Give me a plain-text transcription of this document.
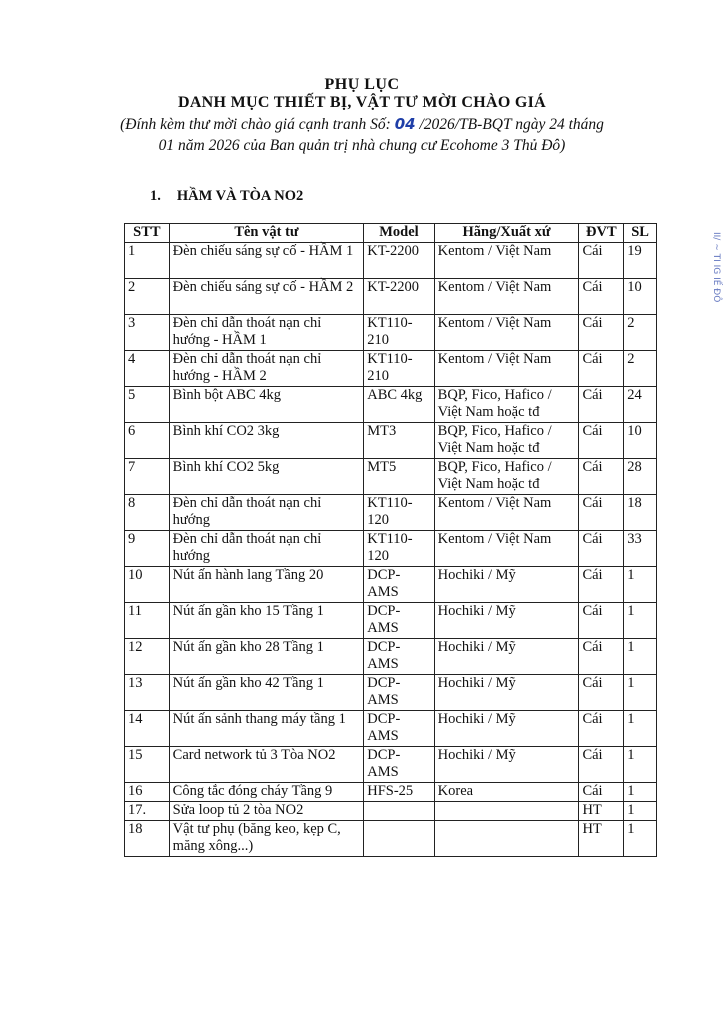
PHỤ LỤC
DANH MỤC THIẾT BỊ, VẬT TƯ MỜI CHÀO GIÁ
(Đính kèm thư mời chào giá cạnh tranh Số: 04 /2026/TB-BQT ngày 24 tháng
01 năm 2026 của Ban quản trị nhà chung cư Ecohome 3 Thủ Đô)
1. HẦM VÀ TÒA NO2
STT	Tên vật tư	Model	Hãng/Xuất xứ	ĐVT	SL
1	Đèn chiếu sáng sự cố - HẦM 1	KT-2200	Kentom / Việt Nam	Cái	19
2	Đèn chiếu sáng sự cố - HẦM 2	KT-2200	Kentom / Việt Nam	Cái	10
3	Đèn chỉ dẫn thoát nạn chỉ hướng - HẦM 1	KT110-210	Kentom / Việt Nam	Cái	2
4	Đèn chỉ dẫn thoát nạn chỉ hướng - HẦM 2	KT110-210	Kentom / Việt Nam	Cái	2
5	Bình bột ABC 4kg	ABC 4kg	BQP, Fico, Hafico / Việt Nam hoặc tđ	Cái	24
6	Bình khí CO2 3kg	MT3	BQP, Fico, Hafico / Việt Nam hoặc tđ	Cái	10
7	Bình khí CO2 5kg	MT5	BQP, Fico, Hafico / Việt Nam hoặc tđ	Cái	28
8	Đèn chỉ dẫn thoát nạn chỉ hướng	KT110-120	Kentom / Việt Nam	Cái	18
9	Đèn chỉ dẫn thoát nạn chỉ hướng	KT110-120	Kentom / Việt Nam	Cái	33
10	Nút ấn hành lang Tầng 20	DCP-AMS	Hochiki / Mỹ	Cái	1
11	Nút ấn gần kho 15 Tầng 1	DCP-AMS	Hochiki / Mỹ	Cái	1
12	Nút ấn gần kho 28 Tầng 1	DCP-AMS	Hochiki / Mỹ	Cái	1
13	Nút ấn gần kho 42 Tầng 1	DCP-AMS	Hochiki / Mỹ	Cái	1
14	Nút ấn sảnh thang máy tầng 1	DCP-AMS	Hochiki / Mỹ	Cái	1
15	Card network tủ 3 Tòa NO2	DCP-AMS	Hochiki / Mỹ	Cái	1
16	Công tắc đóng cháy Tầng 9	HFS-25	Korea	Cái	1
17.	Sửa loop tủ 2 tòa NO2			HT	1
18	Vật tư phụ (băng keo, kẹp C, măng xông...)			HT	1
II/ ~ TI IG IẾ ĐÔ
